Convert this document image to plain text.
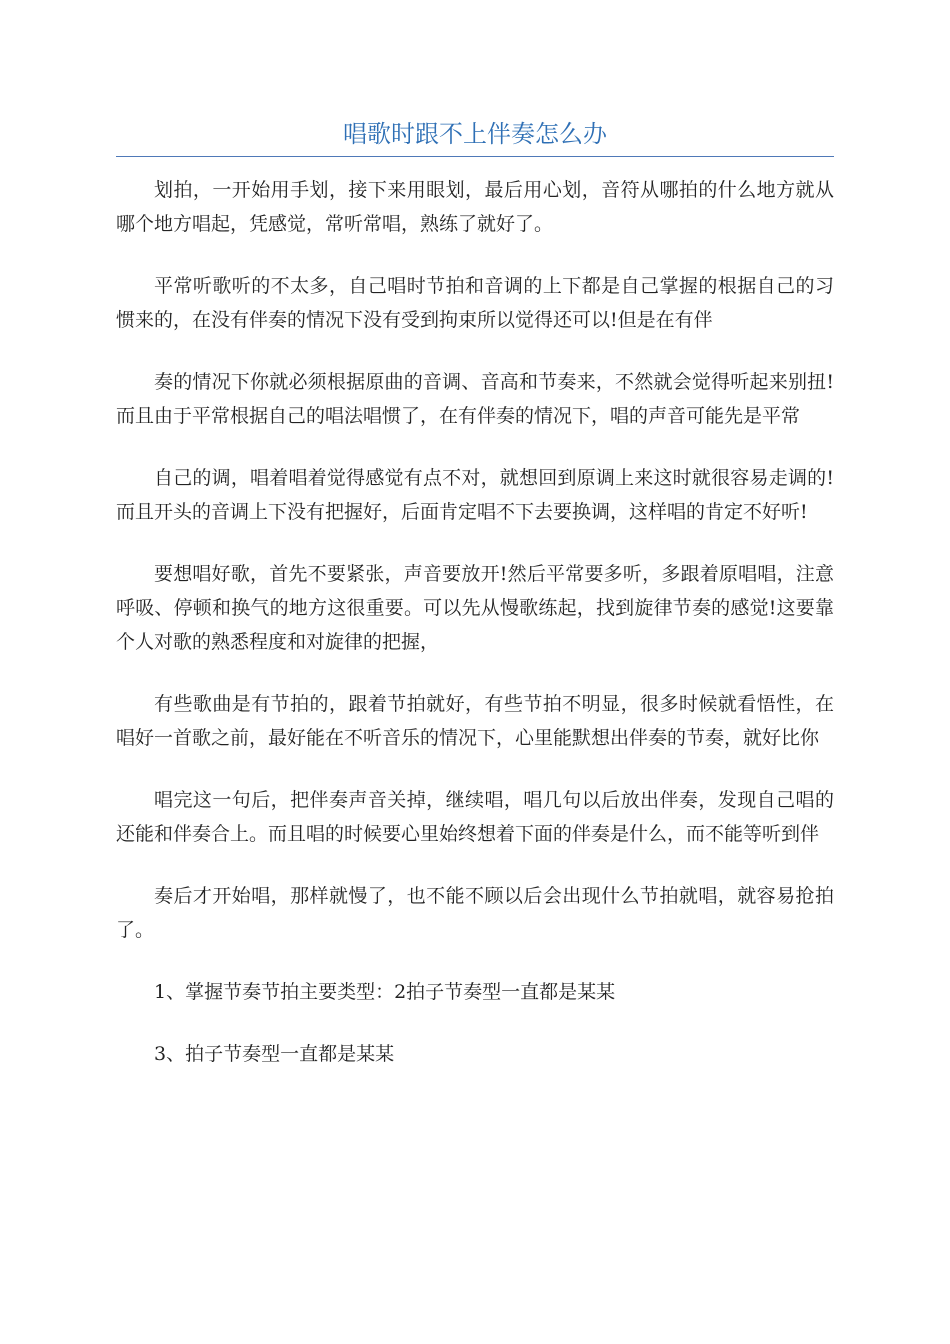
唱歌时跟不上伴奏怎么办

划拍，一开始用手划，接下来用眼划，最后用心划，音符从哪拍的什么地方就从哪个地方唱起，凭感觉，常听常唱，熟练了就好了。

平常听歌听的不太多，自己唱时节拍和音调的上下都是自己掌握的根据自己的习惯来的，在没有伴奏的情况下没有受到拘束所以觉得还可以!但是在有伴

奏的情况下你就必须根据原曲的音调、音高和节奏来，不然就会觉得听起来别扭!而且由于平常根据自己的唱法唱惯了，在有伴奏的情况下，唱的声音可能先是平常

自己的调，唱着唱着觉得感觉有点不对，就想回到原调上来这时就很容易走调的!而且开头的音调上下没有把握好，后面肯定唱不下去要换调，这样唱的肯定不好听!

要想唱好歌，首先不要紧张，声音要放开!然后平常要多听，多跟着原唱唱，注意呼吸、停顿和换气的地方这很重要。可以先从慢歌练起，找到旋律节奏的感觉!这要靠个人对歌的熟悉程度和对旋律的把握，

有些歌曲是有节拍的，跟着节拍就好，有些节拍不明显，很多时候就看悟性，在唱好一首歌之前，最好能在不听音乐的情况下，心里能默想出伴奏的节奏，就好比你

唱完这一句后，把伴奏声音关掉，继续唱，唱几句以后放出伴奏，发现自己唱的还能和伴奏合上。而且唱的时候要心里始终想着下面的伴奏是什么，而不能等听到伴

奏后才开始唱，那样就慢了，也不能不顾以后会出现什么节拍就唱，就容易抢拍了。

1、掌握节奏节拍主要类型：2拍子节奏型一直都是某某

3、拍子节奏型一直都是某某
